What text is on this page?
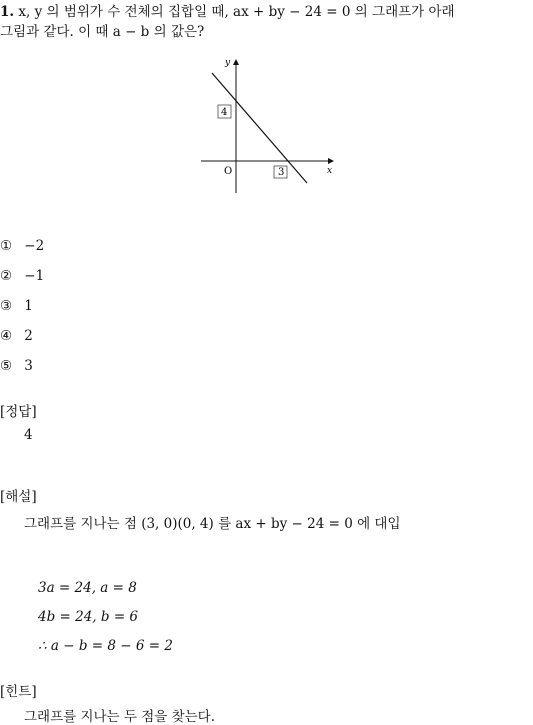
1. x, y 의 범위가 수 전체의 집합일 때, ax + by − 24 = 0 의 그래프가 아래
그림과 같다. 이 때 a − b 의 값은?
y
x
O
4
3
① −2
② −1
③ 1
④ 2
⑤ 3
[정답]
4
[해설]
그래프를 지나는 점 (3, 0)(0, 4) 를 ax + by − 24 = 0 에 대입
3a = 24, a = 8
4b = 24, b = 6
∴ a − b = 8 − 6 = 2
[힌트]
그래프를 지나는 두 점을 찾는다.
